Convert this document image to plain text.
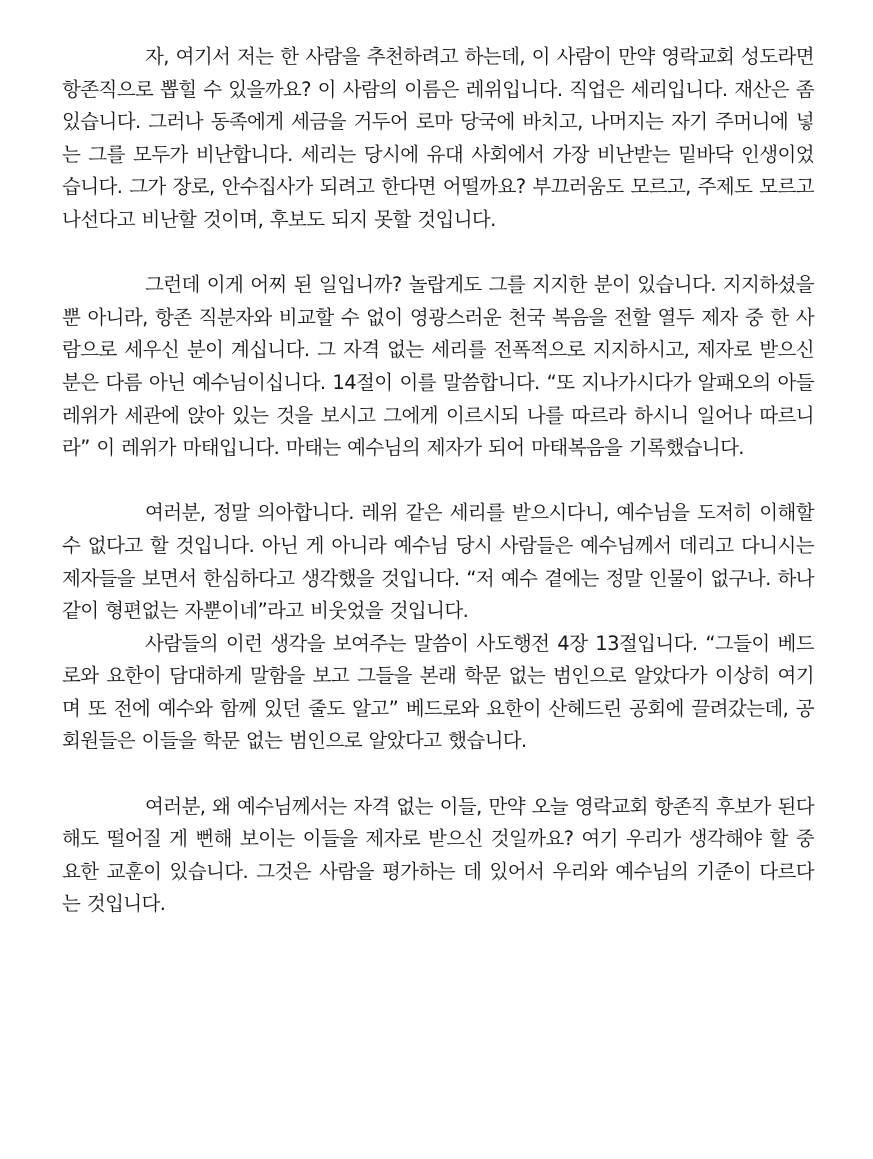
자, 여기서 저는 한 사람을 추천하려고 하는데, 이 사람이 만약 영락교회 성도라면 항존직으로 뽑힐 수 있을까요? 이 사람의 이름은 레위입니다. 직업은 세리입니다. 재산은 좀 있습니다. 그러나 동족에게 세금을 거두어 로마 당국에 바치고, 나머지는 자기 주머니에 넣는 그를 모두가 비난합니다. 세리는 당시에 유대 사회에서 가장 비난받는 밑바닥 인생이었습니다. 그가 장로, 안수집사가 되려고 한다면 어떨까요? 부끄러움도 모르고, 주제도 모르고 나선다고 비난할 것이며, 후보도 되지 못할 것입니다.

그런데 이게 어찌 된 일입니까? 놀랍게도 그를 지지한 분이 있습니다. 지지하셨을 뿐 아니라, 항존 직분자와 비교할 수 없이 영광스러운 천국 복음을 전할 열두 제자 중 한 사람으로 세우신 분이 계십니다. 그 자격 없는 세리를 전폭적으로 지지하시고, 제자로 받으신 분은 다름 아닌 예수님이십니다. 14절이 이를 말씀합니다. “또 지나가시다가 알패오의 아들 레위가 세관에 앉아 있는 것을 보시고 그에게 이르시되 나를 따르라 하시니 일어나 따르니라” 이 레위가 마태입니다. 마태는 예수님의 제자가 되어 마태복음을 기록했습니다.

여러분, 정말 의아합니다. 레위 같은 세리를 받으시다니, 예수님을 도저히 이해할 수 없다고 할 것입니다. 아닌 게 아니라 예수님 당시 사람들은 예수님께서 데리고 다니시는 제자들을 보면서 한심하다고 생각했을 것입니다. “저 예수 곁에는 정말 인물이 없구나. 하나같이 형편없는 자뿐이네”라고 비웃었을 것입니다.

사람들의 이런 생각을 보여주는 말씀이 사도행전 4장 13절입니다. “그들이 베드로와 요한이 담대하게 말함을 보고 그들을 본래 학문 없는 범인으로 알았다가 이상히 여기며 또 전에 예수와 함께 있던 줄도 알고” 베드로와 요한이 산헤드린 공회에 끌려갔는데, 공회원들은 이들을 학문 없는 범인으로 알았다고 했습니다.

여러분, 왜 예수님께서는 자격 없는 이들, 만약 오늘 영락교회 항존직 후보가 된다 해도 떨어질 게 뻔해 보이는 이들을 제자로 받으신 것일까요? 여기 우리가 생각해야 할 중요한 교훈이 있습니다. 그것은 사람을 평가하는 데 있어서 우리와 예수님의 기준이 다르다는 것입니다.
